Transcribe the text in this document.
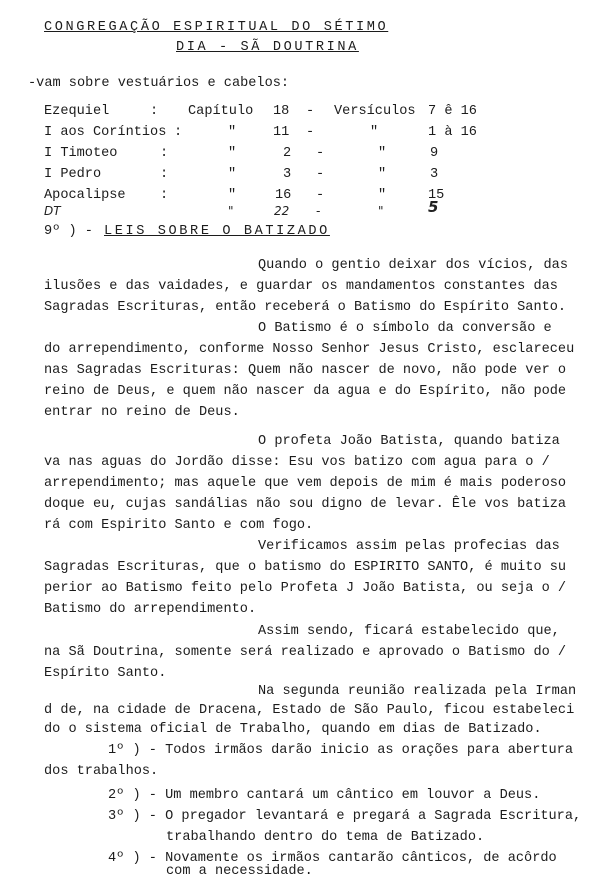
CONGREGAÇÃO ESPIRITUAL DO SÉTIMO
DIA - SÃ DOUTRINA
-vam sobre vestuários e cabelos:
Ezequiel	: Capítulo 18 - Versículos 7 ê 16
I aos Coríntios :	"	11 -	"	1 à 16
I Timoteo	:	"	2 -	"	9
I Pedro	:	"	3 -	"	3
Apocalipse	:	"	16 -	"	15
DT	"	22 -	"	5
9º ) - LEIS SOBRE O BATIZADO
Quando o gentio deixar dos vícios, das
ilusões e das vaidades, e guardar os mandamentos constantes das
Sagradas Escrituras, então receberá o Batismo do Espírito Santo.
O Batismo é o símbolo da conversão e
do arrependimento, conforme Nosso Senhor Jesus Cristo, esclareceu
nas Sagradas Escrituras: Quem não nascer de novo, não pode ver o
reino de Deus, e quem não nascer da agua e do Espírito, não pode
entrar no reino de Deus.
O profeta João Batista, quando batiza
va nas aguas do Jordão disse: Esu vos batizo com agua para o /
arrependimento; mas aquele que vem depois de mim é mais poderoso
doque eu, cujas sandálias não sou digno de levar. Êle vos batiza
rá com Espirito Santo e com fogo.
Verificamos assim pelas profecias das
Sagradas Escrituras, que o batismo do ESPIRITO SANTO, é muito su
perior ao Batismo feito pelo Profeta J João Batista, ou seja o /
Batismo do arrependimento.
Assim sendo, ficará estabelecido que,
na Sã Doutrina, somente será realizado e aprovado o Batismo do /
Espírito Santo.
Na segunda reunião realizada pela Irman
d de, na cidade de Dracena, Estado de São Paulo, ficou estabeleci
do o sistema oficial de Trabalho, quando em dias de Batizado.
1º ) - Todos irmãos darão inicio as orações para abertura
dos trabalhos.
2º ) - Um membro cantará um cântico em louvor a Deus.
3º ) - O pregador levantará e pregará a Sagrada Escritura,
trabalhando dentro do tema de Batizado.
4º ) - Novamente os irmãos cantarão cânticos, de acôrdo
com a necessidade.
